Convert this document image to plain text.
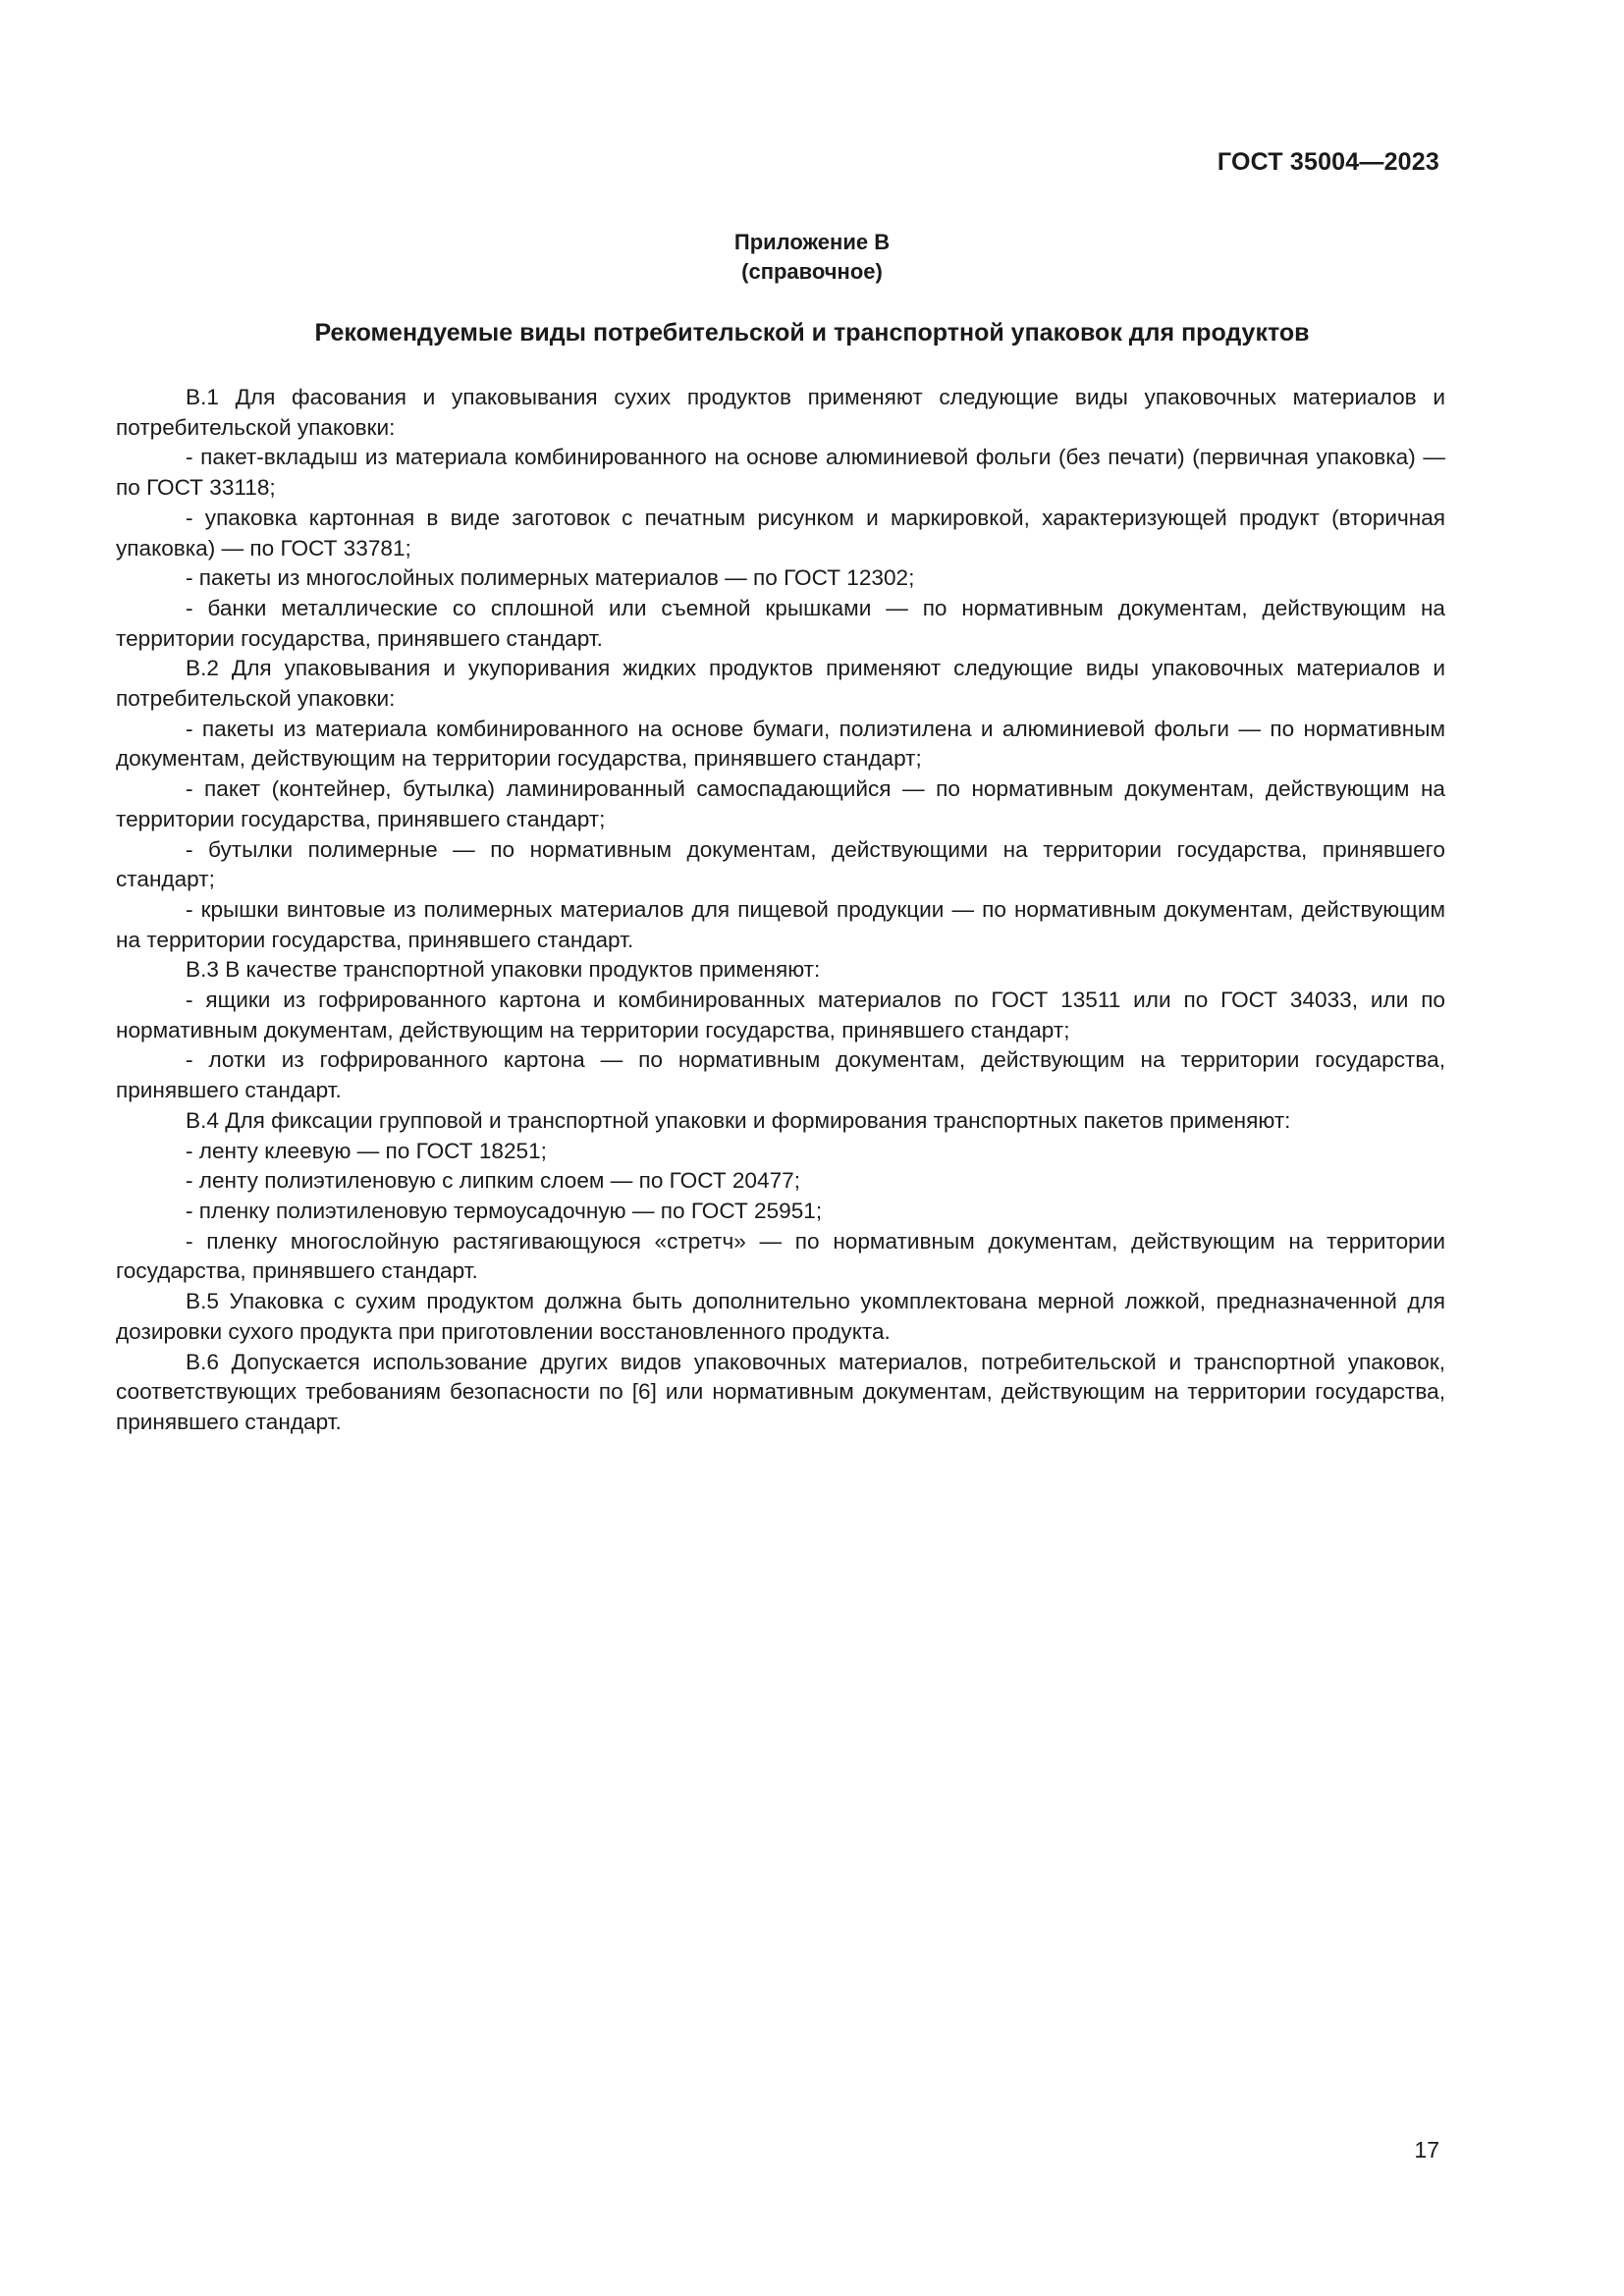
ГОСТ 35004—2023
Приложение В
(справочное)
Рекомендуемые виды потребительской и транспортной упаковок для продуктов

В.1 Для фасования и упаковывания сухих продуктов применяют следующие виды упаковочных материалов и потребительской упаковки:

- пакет-вкладыш из материала комбинированного на основе алюминиевой фольги (без печати) (первичная упаковка) — по ГОСТ 33118;

- упаковка картонная в виде заготовок с печатным рисунком и маркировкой, характеризующей продукт (вторичная упаковка) — по ГОСТ 33781;

- пакеты из многослойных полимерных материалов — по ГОСТ 12302;

- банки металлические со сплошной или съемной крышками — по нормативным документам, действующим на территории государства, принявшего стандарт.

В.2 Для упаковывания и укупоривания жидких продуктов применяют следующие виды упаковочных материалов и потребительской упаковки:

- пакеты из материала комбинированного на основе бумаги, полиэтилена и алюминиевой фольги — по нормативным документам, действующим на территории государства, принявшего стандарт;

- пакет (контейнер, бутылка) ламинированный самоспадающийся — по нормативным документам, действующим на территории государства, принявшего стандарт;

- бутылки полимерные — по нормативным документам, действующими на территории государства, принявшего стандарт;

- крышки винтовые из полимерных материалов для пищевой продукции — по нормативным документам, действующим на территории государства, принявшего стандарт.

В.3 В качестве транспортной упаковки продуктов применяют:

- ящики из гофрированного картона и комбинированных материалов по ГОСТ 13511 или по ГОСТ 34033, или по нормативным документам, действующим на территории государства, принявшего стандарт;

- лотки из гофрированного картона — по нормативным документам, действующим на территории государства, принявшего стандарт.

В.4 Для фиксации групповой и транспортной упаковки и формирования транспортных пакетов применяют:

- ленту клеевую — по ГОСТ 18251;

- ленту полиэтиленовую с липким слоем — по ГОСТ 20477;

- пленку полиэтиленовую термоусадочную — по ГОСТ 25951;

- пленку многослойную растягивающуюся «стретч» — по нормативным документам, действующим на территории государства, принявшего стандарт.

В.5 Упаковка с сухим продуктом должна быть дополнительно укомплектована мерной ложкой, предназначенной для дозировки сухого продукта при приготовлении восстановленного продукта.

В.6 Допускается использование других видов упаковочных материалов, потребительской и транспортной упаковок, соответствующих требованиям безопасности по [6] или нормативным документам, действующим на территории государства, принявшего стандарт.

17
